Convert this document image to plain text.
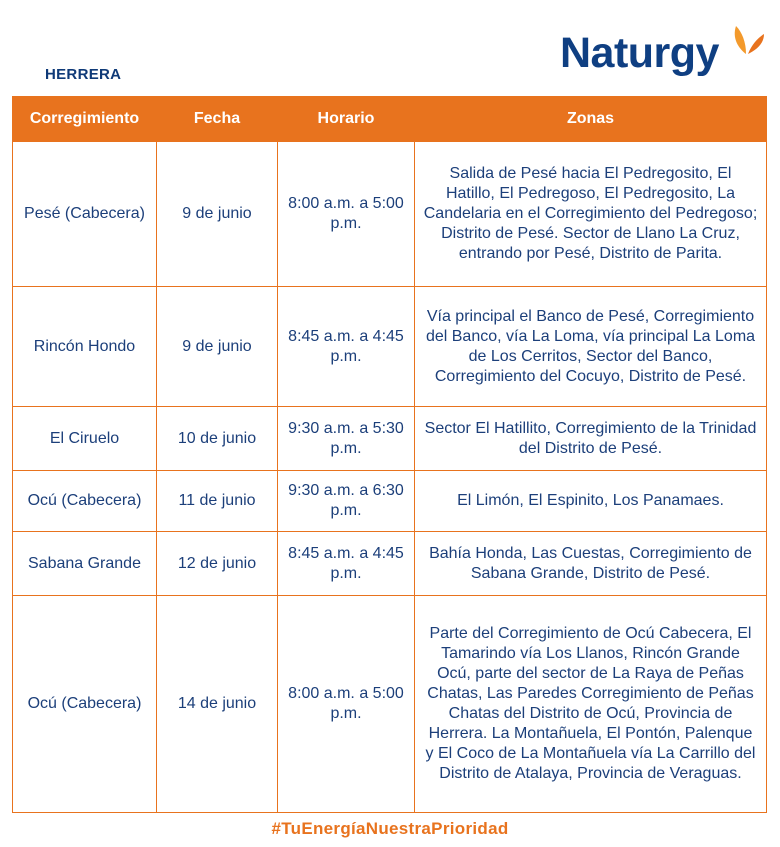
HERRERA	Naturgy
Corregimiento	Fecha	Horario	Zonas
Pesé (Cabecera)	9 de junio	8:00 a.m. a 5:00 p.m.	Salida de Pesé hacia El Pedregosito, El Hatillo, El Pedregoso, El Pedregosito, La Candelaria en el Corregimiento del Pedregoso; Distrito de Pesé. Sector de Llano La Cruz, entrando por Pesé, Distrito de Parita.
Rincón Hondo	9 de junio	8:45 a.m. a 4:45 p.m.	Vía principal el Banco de Pesé, Corregimiento del Banco, vía La Loma, vía principal La Loma de Los Cerritos, Sector del Banco, Corregimiento del Cocuyo, Distrito de Pesé.
El Ciruelo	10 de junio	9:30 a.m. a 5:30 p.m.	Sector El Hatillito, Corregimiento de la Trinidad del Distrito de Pesé.
Ocú (Cabecera)	11 de junio	9:30 a.m. a 6:30 p.m.	El Limón, El Espinito, Los Panamaes.
Sabana Grande	12 de junio	8:45 a.m. a 4:45 p.m.	Bahía Honda, Las Cuestas, Corregimiento de Sabana Grande, Distrito de Pesé.
Ocú (Cabecera)	14 de junio	8:00 a.m. a 5:00 p.m.	Parte del Corregimiento de Ocú Cabecera, El Tamarindo vía Los Llanos, Rincón Grande Ocú, parte del sector de La Raya de Peñas Chatas, Las Paredes Corregimiento de Peñas Chatas del Distrito de Ocú, Provincia de Herrera. La Montañuela, El Pontón, Palenque y El Coco de La Montañuela vía La Carrillo del Distrito de Atalaya, Provincia de Veraguas.
#TuEnergíaNuestraPrioridad
